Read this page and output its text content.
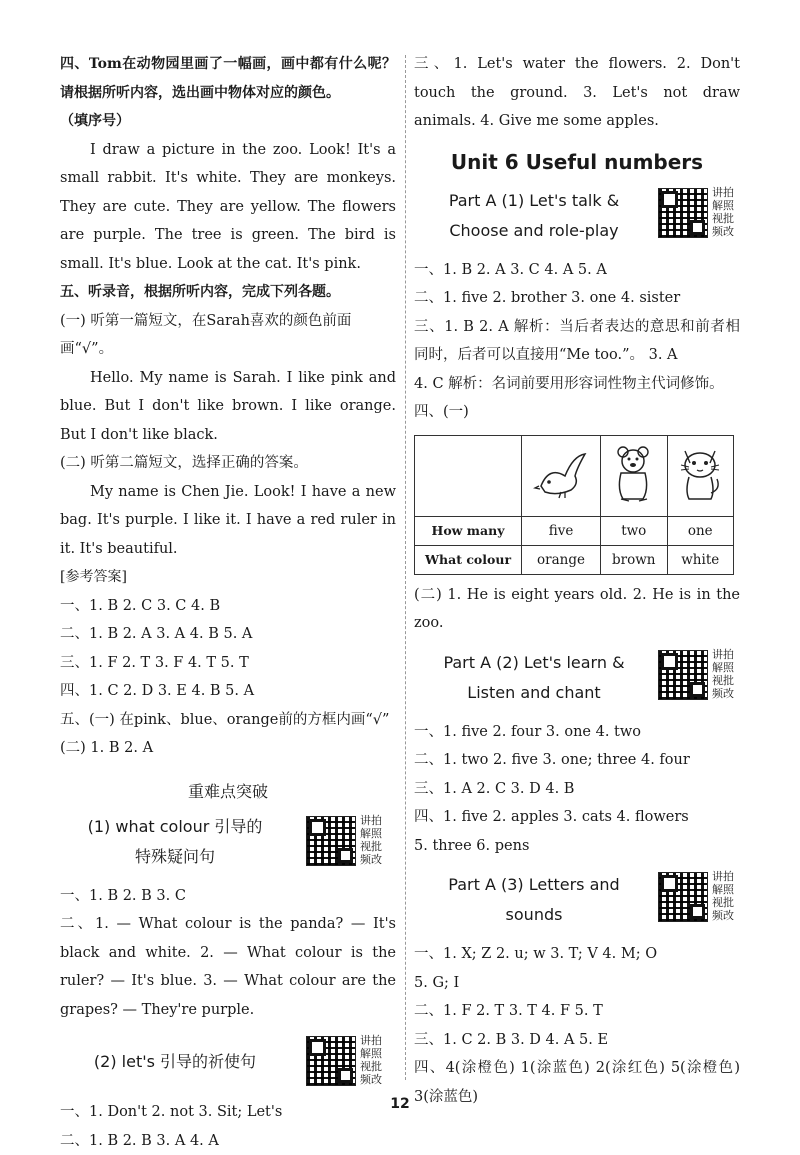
四、Tom在动物园里画了一幅画，画中都有什么呢？请根据所听内容，选出画中物体对应的颜色。

（填序号）

I draw a picture in the zoo. Look! It's a small rabbit. It's white. They are monkeys. They are cute. They are yellow. The flowers are purple. The tree is green. The bird is small. It's blue. Look at the cat. It's pink.

五、听录音，根据所听内容，完成下列各题。

(一) 听第一篇短文，在Sarah喜欢的颜色前面画“√”。

Hello. My name is Sarah. I like pink and blue. But I don't like brown. I like orange. But I don't like black.

(二) 听第二篇短文，选择正确的答案。

My name is Chen Jie. Look! I have a new bag. It's purple. I like it. I have a red ruler in it. It's beautiful.

[参考答案]

一、1. B 2. C 3. C 4. B

二、1. B 2. A 3. A 4. B 5. A

三、1. F 2. T 3. F 4. T 5. T

四、1. C 2. D 3. E 4. B 5. A

五、(一) 在pink、blue、orange前的方框内画“√”

(二) 1. B 2. A

重难点突破
(1) what colour 引导的
特殊疑问句
讲拍解照视批频改

一、1. B 2. B 3. C

二、1. — What colour is the panda? — It's black and white. 2. — What colour is the ruler? — It's blue. 3. — What colour are the grapes? — They're purple.

(2) let's 引导的祈使句
讲拍解照视批频改

一、1. Don't 2. not 3. Sit; Let's

二、1. B 2. B 3. A 4. A

三、1. Let's water the flowers. 2. Don't touch the ground. 3. Let's not draw animals. 4. Give me some apples.

Unit 6 Useful numbers
Part A (1) Let's talk &
Choose and role-play
讲拍解照视批频改

一、1. B 2. A 3. C 4. A 5. A

二、1. five 2. brother 3. one 4. sister

三、1. B 2. A 解析：当后者表达的意思和前者相同时，后者可以直接用“Me too.”。 3. A

4. C 解析：名词前要用形容词性物主代词修饰。

四、(一)

How many	five	two	one
What colour	orange	brown	white

(二) 1. He is eight years old. 2. He is in the zoo.

Part A (2) Let's learn &
Listen and chant
讲拍解照视批频改

一、1. five 2. four 3. one 4. two

二、1. two 2. five 3. one; three 4. four

三、1. A 2. C 3. D 4. B

四、1. five 2. apples 3. cats 4. flowers

5. three 6. pens

Part A (3) Letters and
sounds
讲拍解照视批频改

一、1. X; Z 2. u; w 3. T; V 4. M; O

5. G; I

二、1. F 2. T 3. T 4. F 5. T

三、1. C 2. B 3. D 4. A 5. E

四、4(涂橙色) 1(涂蓝色) 2(涂红色) 5(涂橙色) 3(涂蓝色)

12
